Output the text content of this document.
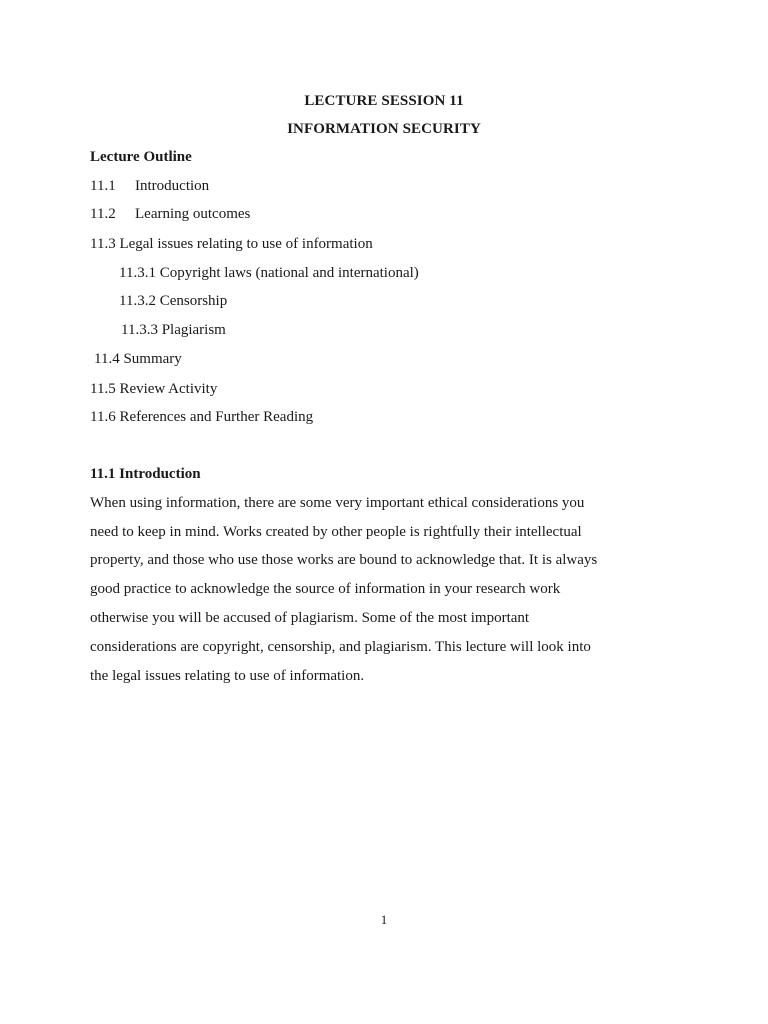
LECTURE SESSION 11
INFORMATION SECURITY
Lecture Outline
11.1 Introduction
11.2 Learning outcomes
11.3 Legal issues relating to use of information
11.3.1 Copyright laws (national and international)
11.3.2 Censorship
11.3.3 Plagiarism
11.4 Summary
11.5 Review Activity
11.6 References and Further Reading
11.1 Introduction
When using information, there are some very important ethical considerations you
need to keep in mind. Works created by other people is rightfully their intellectual
property, and those who use those works are bound to acknowledge that. It is always
good practice to acknowledge the source of information in your research work
otherwise you will be accused of plagiarism. Some of the most important
considerations are copyright, censorship, and plagiarism. This lecture will look into
the legal issues relating to use of information.
1
